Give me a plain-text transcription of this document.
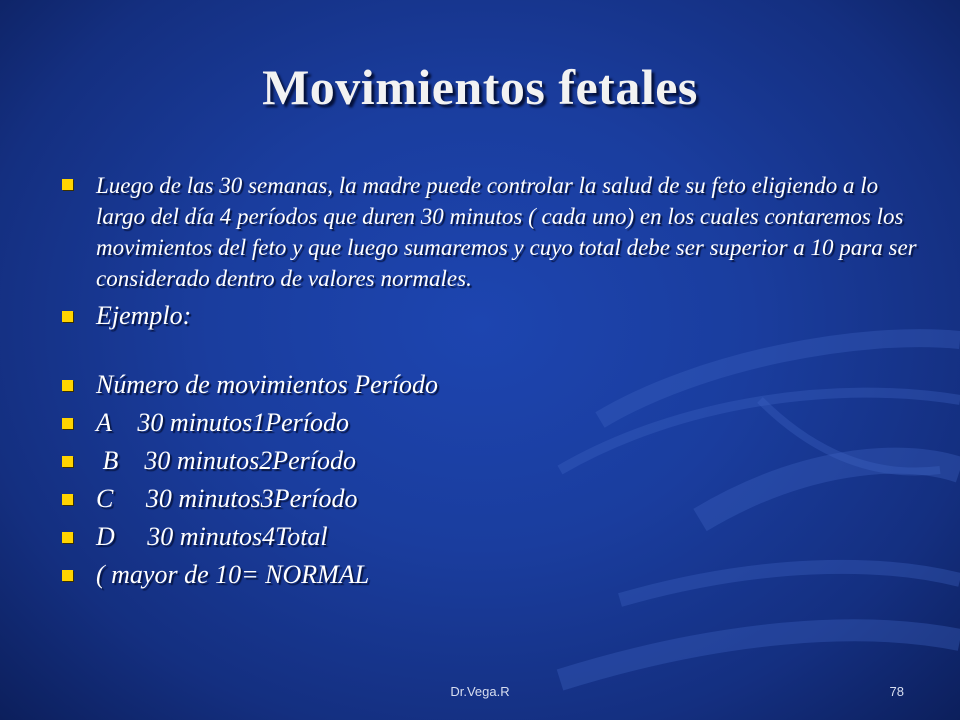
Movimientos fetales
Luego de las 30 semanas, la madre puede controlar la salud de su feto eligiendo a lo largo del día 4 períodos que duren 30 minutos ( cada uno) en los cuales contaremos los movimientos del feto y que luego sumaremos y cuyo total debe ser superior a 10 para ser considerado dentro de valores normales.
Ejemplo:
Número de movimientos Período
A    30 minutos1Período
B    30 minutos2Período
C     30 minutos3Período
D     30 minutos4Total
( mayor de 10= NORMAL
Dr.Vega.R	78
